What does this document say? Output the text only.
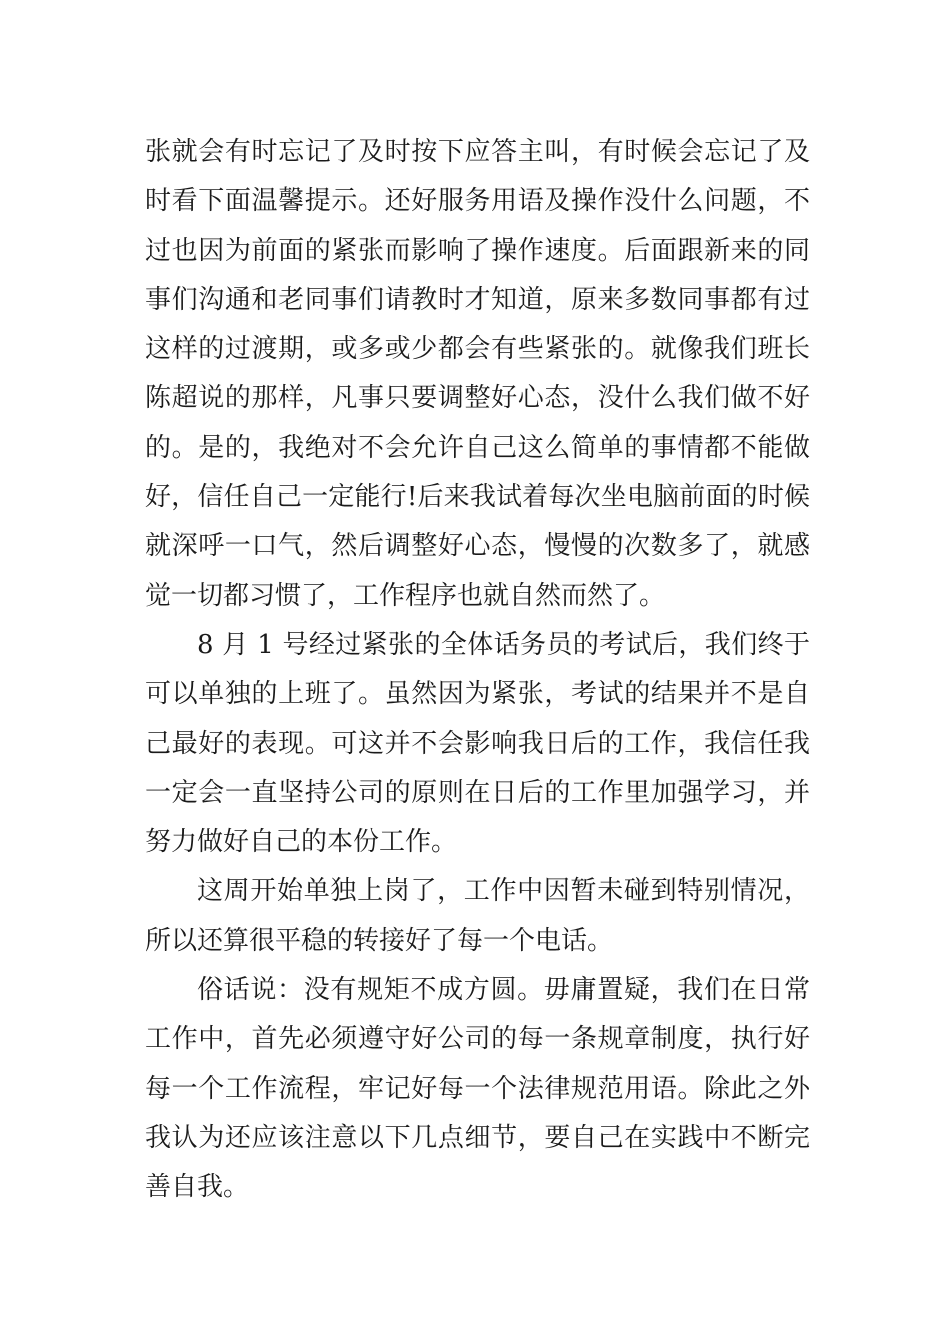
张就会有时忘记了及时按下应答主叫，有时候会忘记了及时看下面温馨提示。还好服务用语及操作没什么问题，不过也因为前面的紧张而影响了操作速度。后面跟新来的同事们沟通和老同事们请教时才知道，原来多数同事都有过这样的过渡期，或多或少都会有些紧张的。就像我们班长陈超说的那样，凡事只要调整好心态，没什么我们做不好的。是的，我绝对不会允许自己这么简单的事情都不能做好，信任自己一定能行!后来我试着每次坐电脑前面的时候就深呼一口气，然后调整好心态，慢慢的次数多了，就感觉一切都习惯了，工作程序也就自然而然了。

8 月 1 号经过紧张的全体话务员的考试后，我们终于可以单独的上班了。虽然因为紧张，考试的结果并不是自己最好的表现。可这并不会影响我日后的工作，我信任我一定会一直坚持公司的原则在日后的工作里加强学习，并努力做好自己的本份工作。

这周开始单独上岗了，工作中因暂未碰到特别情况，所以还算很平稳的转接好了每一个电话。

俗话说：没有规矩不成方圆。毋庸置疑，我们在日常工作中，首先必须遵守好公司的每一条规章制度，执行好每一个工作流程，牢记好每一个法律规范用语。除此之外我认为还应该注意以下几点细节，要自己在实践中不断完善自我。
